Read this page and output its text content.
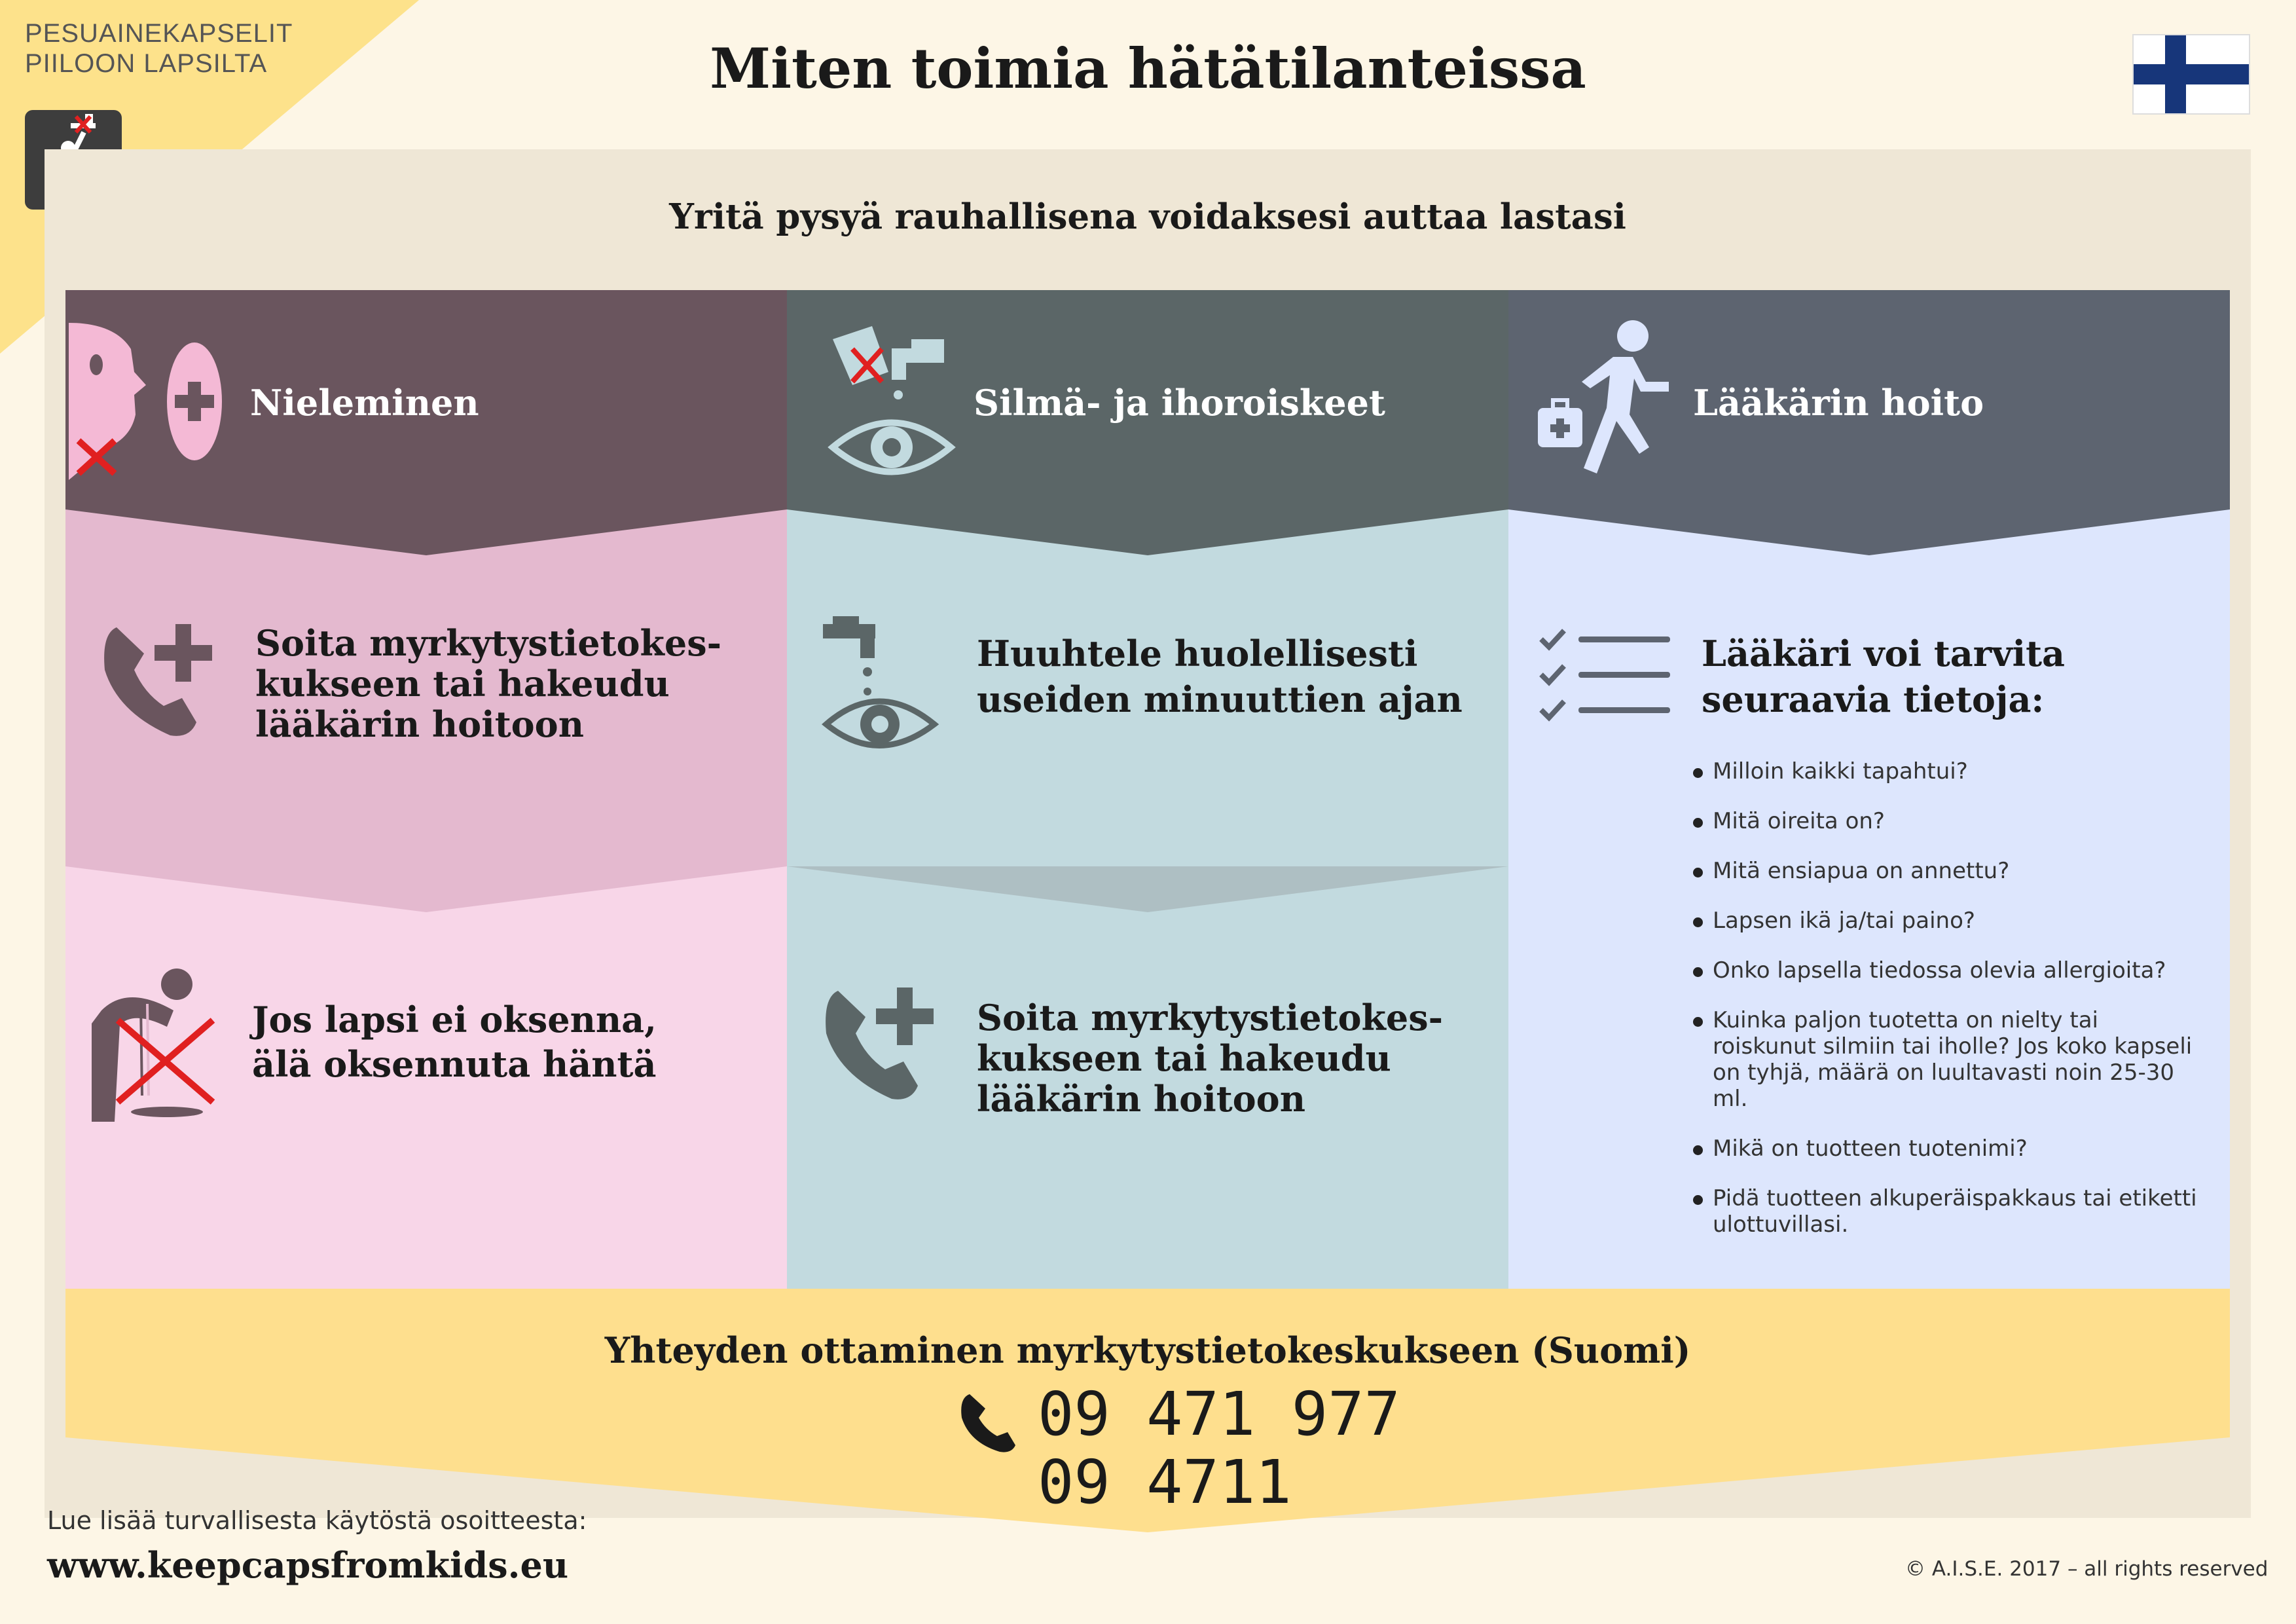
PESUAINEKAPSELIT
PIILOON LAPSILTA	Miten toimia hätätilanteissa
Yritä pysyä rauhallisena voidaksesi auttaa lastasi
Nieleminen
Soita myrkytystietokes-
kukseen tai hakeudu
lääkärin hoitoon
Jos lapsi ei oksenna,
älä oksennuta häntä
Silmä- ja ihoroiskeet
Huuhtele huolellisesti
useiden minuuttien ajan
Soita myrkytystietokes-
kukseen tai hakeudu
lääkärin hoitoon
Lääkärin hoito
Lääkäri voi tarvita
seuraavia tietoja:
Milloin kaikki tapahtui?
Mitä oireita on?
Mitä ensiapua on annettu?
Lapsen ikä ja/tai paino?
Onko lapsella tiedossa olevia allergioita?
Kuinka paljon tuotetta on nielty tai roiskunut silmiin tai iholle? Jos koko kapseli on tyhjä, määrä on luultavasti noin 25-30 ml.
Mikä on tuotteen tuotenimi?
Pidä tuotteen alkuperäispakkaus tai etiketti ulottuvillasi.
Yhteyden ottaminen myrkytystietokeskukseen (Suomi)
09 471 977
09 4711
Lue lisää turvallisesta käytöstä osoitteesta:
www.keepcapsfromkids.eu	© A.I.S.E. 2017 – all rights reserved
